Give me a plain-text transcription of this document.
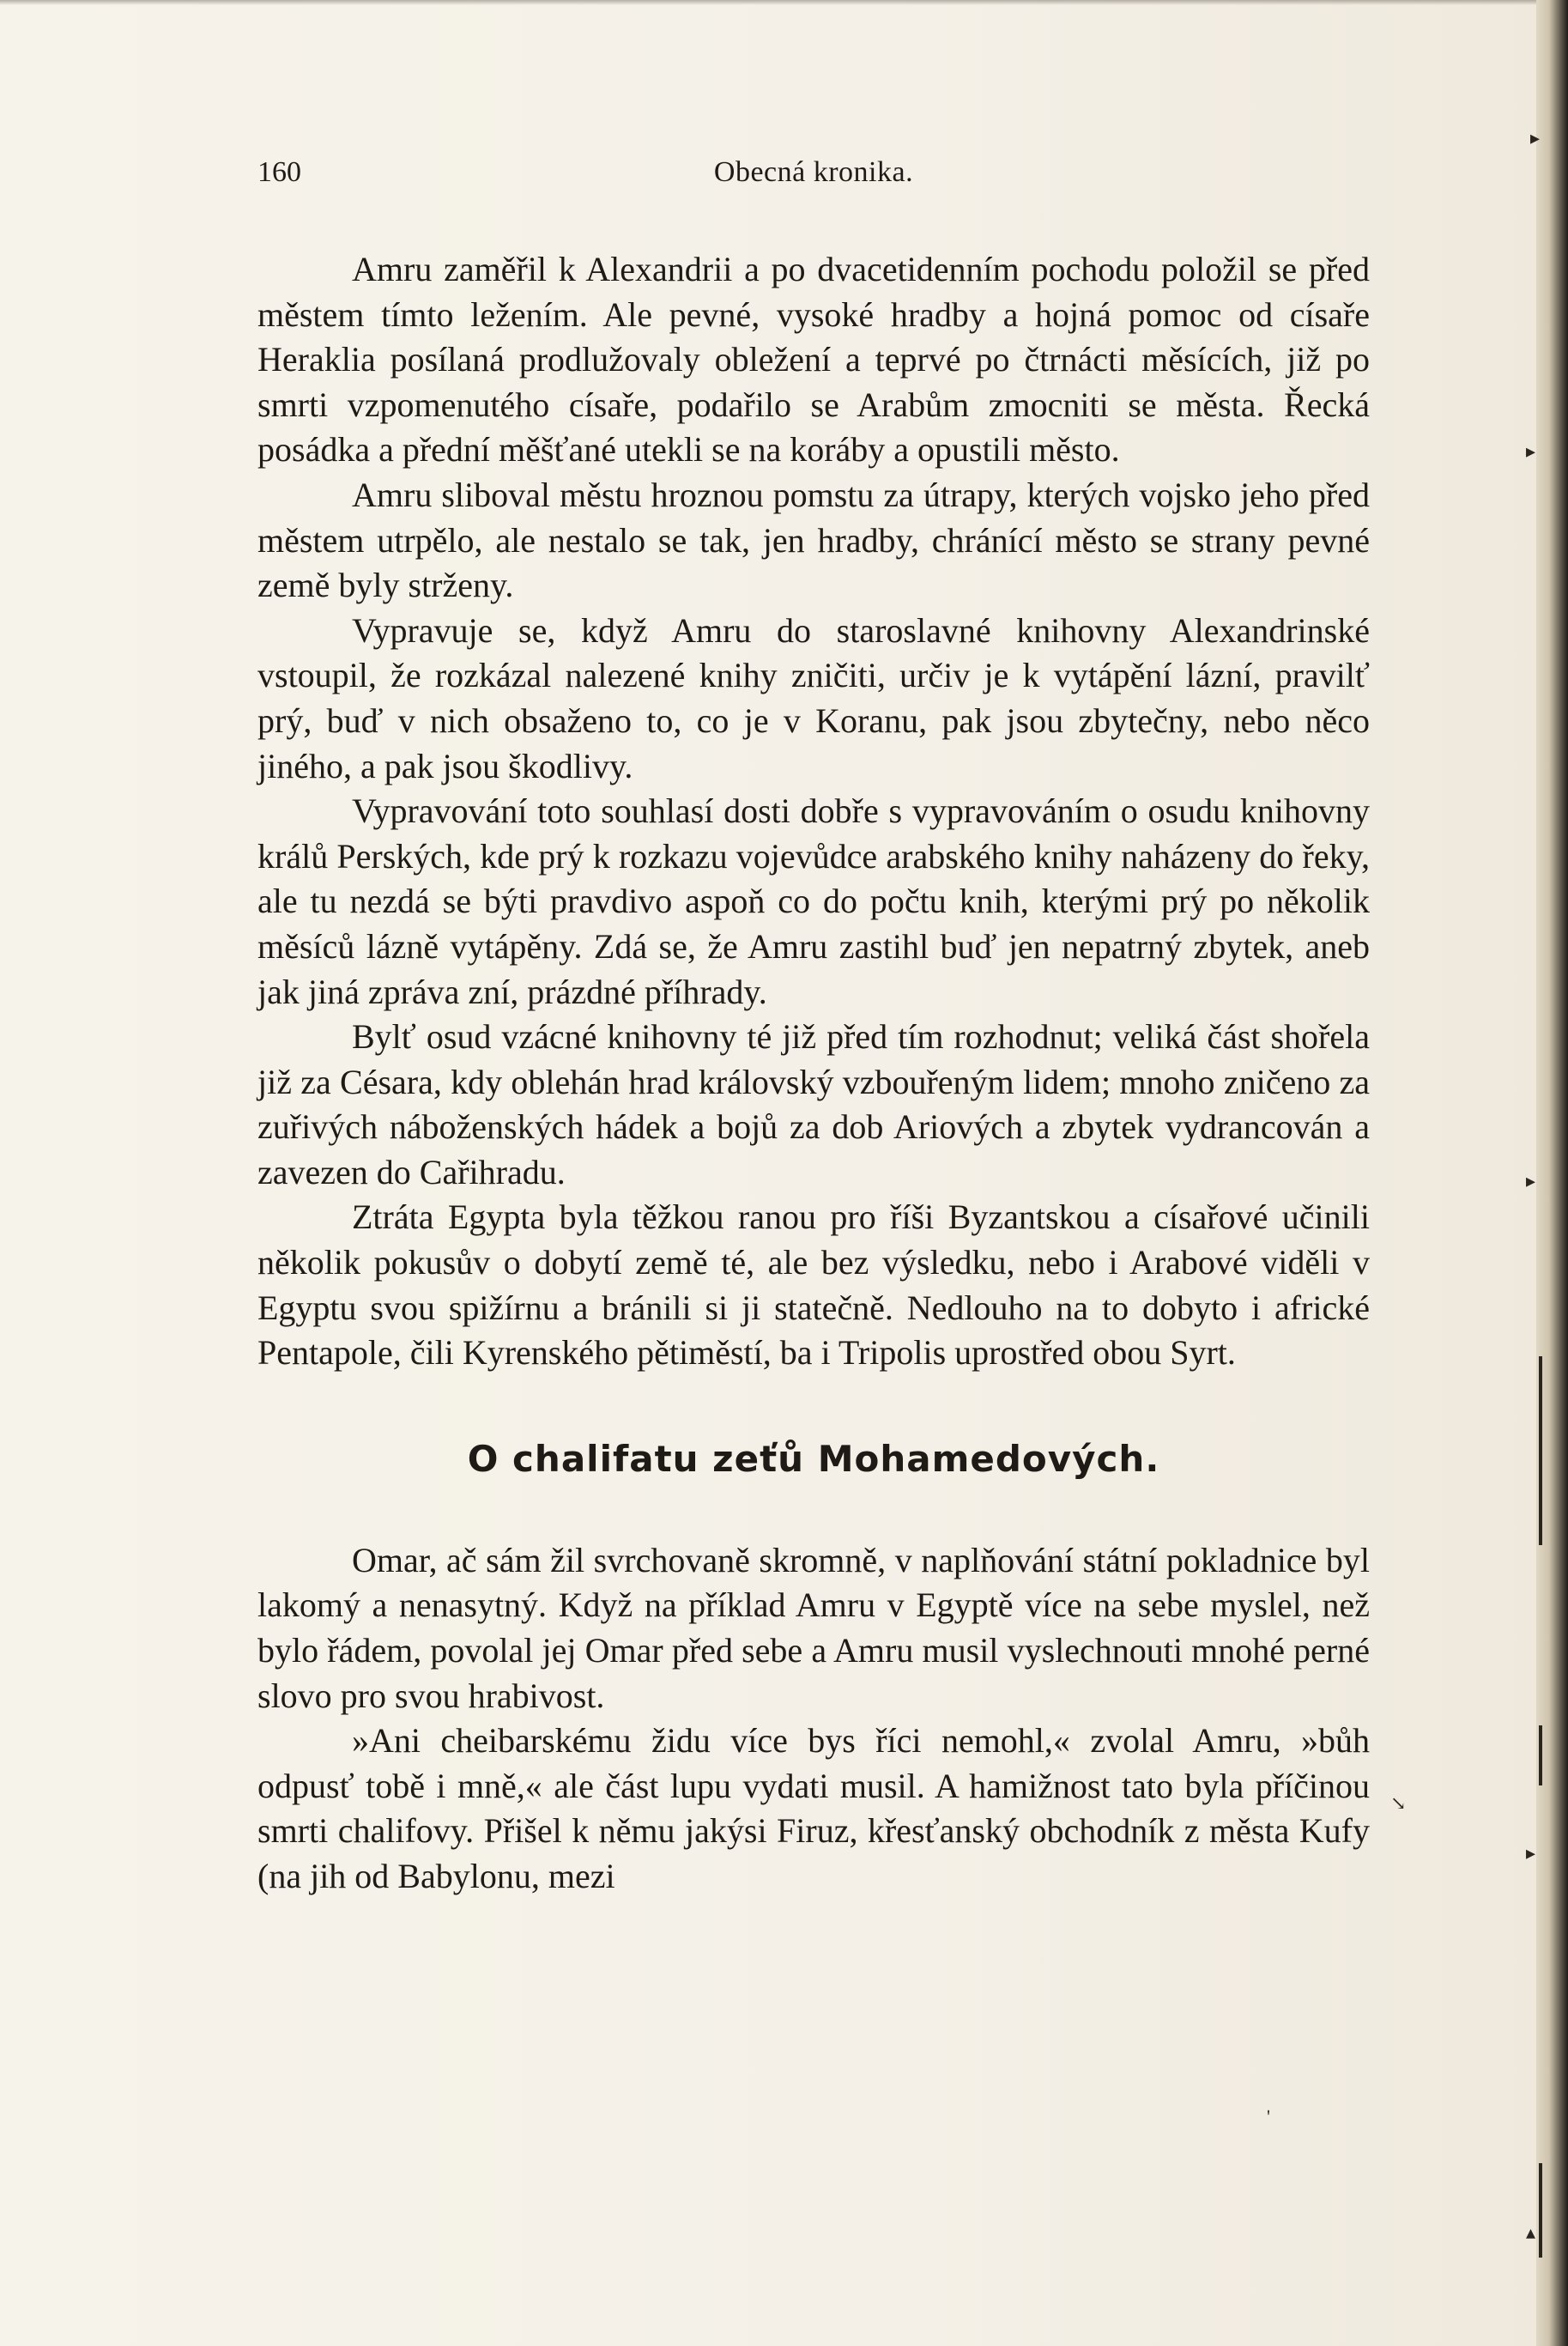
▸
▸
▸
↘
▸
▴
'
160	Obecná kronika.

Amru zaměřil k Alexandrii a po dvacetidenním pochodu položil se před městem tímto ležením. Ale pevné, vysoké hradby a hojná pomoc od císaře Heraklia posílaná prodlužovaly obležení a teprvé po čtrnácti měsících, již po smrti vzpomenutého císaře, podařilo se Arabům zmocniti se města. Řecká posádka a přední měšťané utekli se na koráby a opustili město.

Amru sliboval městu hroznou pomstu za útrapy, kterých vojsko jeho před městem utrpělo, ale nestalo se tak, jen hradby, chránící město se strany pevné země byly strženy.

Vypravuje se, když Amru do staroslavné knihovny Alexandrinské vstoupil, že rozkázal nalezené knihy zničiti, určiv je k vytápění lázní, pravilť prý, buď v nich obsaženo to, co je v Koranu, pak jsou zbytečny, nebo něco jiného, a pak jsou škodlivy.

Vypravování toto souhlasí dosti dobře s vypravováním o osudu knihovny králů Perských, kde prý k rozkazu vojevůdce arabského knihy naházeny do řeky, ale tu nezdá se býti pravdivo aspoň co do počtu knih, kterými prý po několik měsíců lázně vytápěny. Zdá se, že Amru zastihl buď jen nepatrný zbytek, aneb jak jiná zpráva zní, prázdné příhrady.

Bylť osud vzácné knihovny té již před tím rozhodnut; veliká část shořela již za Césara, kdy oblehán hrad královský vzbouřeným lidem; mnoho zničeno za zuřivých náboženských hádek a bojů za dob Ariových a zbytek vydrancován a zavezen do Cařihradu.

Ztráta Egypta byla těžkou ranou pro říši Byzantskou a císařové učinili několik pokusův o dobytí země té, ale bez výsledku, nebo i Arabové viděli v Egyptu svou spižírnu a bránili si ji statečně. Nedlouho na to dobyto i africké Pentapole, čili Kyrenského pětiměstí, ba i Tripolis uprostřed obou Syrt.

O chalifatu zeťů Mohamedových.

Omar, ač sám žil svrchovaně skromně, v naplňování státní pokladnice byl lakomý a nenasytný. Když na příklad Amru v Egyptě více na sebe myslel, než bylo řádem, povolal jej Omar před sebe a Amru musil vyslechnouti mnohé perné slovo pro svou hrabivost.

»Ani cheibarskému židu více bys říci nemohl,« zvolal Amru, »bůh odpusť tobě i mně,« ale část lupu vydati musil. A hamižnost tato byla příčinou smrti chalifovy. Přišel k němu jakýsi Firuz, křesťanský obchodník z města Kufy (na jih od Babylonu, mezi
